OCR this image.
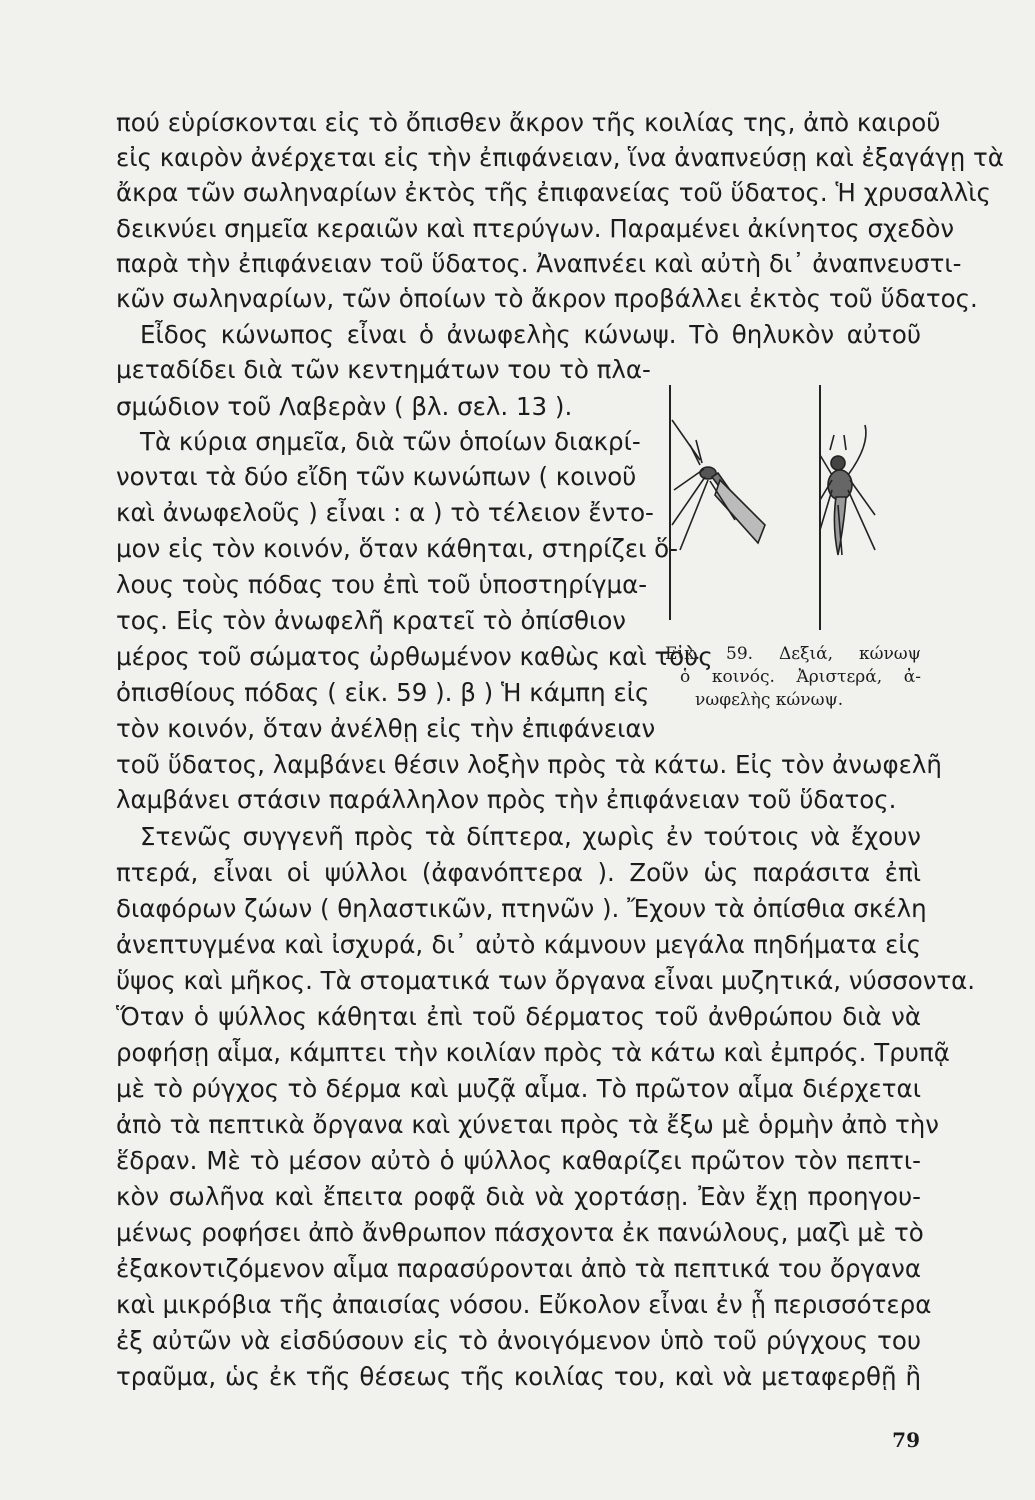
πού εὑρίσκονται εἰς τὸ ὄπισθεν ἄκρον τῆς κοιλίας της, ἀπὸ καιροῦ
εἰς καιρὸν ἀνέρχεται εἰς τὴν ἐπιφάνειαν, ἵνα ἀναπνεύσῃ καὶ ἐξαγάγῃ τὰ
ἄκρα τῶν σωληναρίων ἐκτὸς τῆς ἐπιφανείας τοῦ ὕδατος. Ἡ χρυσαλλὶς
δεικνύει σημεῖα κεραιῶν καὶ πτερύγων. Παραμένει ἀκίνητος σχεδὸν
παρὰ τὴν ἐπιφάνειαν τοῦ ὕδατος. Ἀναπνέει καὶ αὐτὴ δι᾿ ἀναπνευστι-
κῶν σωληναρίων, τῶν ὁποίων τὸ ἄκρον προβάλλει ἐκτὸς τοῦ ὕδατος.
Εἶδος κώνωπος εἶναι ὁ ἀνωφελὴς κώνωψ. Τὸ θηλυκὸν αὐτοῦ
μεταδίδει διὰ τῶν κεντημάτων του τὸ πλα-
σμώδιον τοῦ Λαβερὰν ( βλ. σελ. 13 ).
Τὰ κύρια σημεῖα, διὰ τῶν ὁποίων διακρί-
νονται τὰ δύο εἴδη τῶν κωνώπων ( κοινοῦ
καὶ ἀνωφελοῦς ) εἶναι : α ) τὸ τέλειον ἔντο-
μον εἰς τὸν κοινόν, ὅταν κάθηται, στηρίζει ὅ-
λους τοὺς πόδας του ἐπὶ τοῦ ὑποστηρίγμα-
τος. Εἰς τὸν ἀνωφελῆ κρατεῖ τὸ ὀπίσθιον
μέρος τοῦ σώματος ὠρθωμένον καθὼς καὶ τοὺς
ὀπισθίους πόδας ( εἰκ. 59 ). β ) Ἡ κάμπη εἰς
τὸν κοινόν, ὅταν ἀνέλθῃ εἰς τὴν ἐπιφάνειαν
Εἰκ. 59. Δεξιά, κώνωψ
ὁ κοινός. Ἀριστερά, ἀ-
νωφελὴς κώνωψ.
τοῦ ὕδατος, λαμβάνει θέσιν λοξὴν πρὸς τὰ κάτω. Εἰς τὸν ἀνωφελῆ
λαμβάνει στάσιν παράλληλον πρὸς τὴν ἐπιφάνειαν τοῦ ὕδατος.
Στενῶς συγγενῆ πρὸς τὰ δίπτερα, χωρὶς ἐν τούτοις νὰ ἔχουν
πτερά, εἶναι οἱ ψύλλοι (ἀφανόπτερα ). Ζοῦν ὡς παράσιτα ἐπὶ
διαφόρων ζώων ( θηλαστικῶν, πτηνῶν ). Ἔχουν τὰ ὀπίσθια σκέλη
ἀνεπτυγμένα καὶ ἰσχυρά, δι᾿ αὐτὸ κάμνουν μεγάλα πηδήματα εἰς
ὕψος καὶ μῆκος. Τὰ στοματικά των ὄργανα εἶναι μυζητικά, νύσσοντα.
Ὅταν ὁ ψύλλος κάθηται ἐπὶ τοῦ δέρματος τοῦ ἀνθρώπου διὰ νὰ
ροφήσῃ αἷμα, κάμπτει τὴν κοιλίαν πρὸς τὰ κάτω καὶ ἐμπρός. Τρυπᾷ
μὲ τὸ ρύγχος τὸ δέρμα καὶ μυζᾷ αἷμα. Τὸ πρῶτον αἷμα διέρχεται
ἀπὸ τὰ πεπτικὰ ὄργανα καὶ χύνεται πρὸς τὰ ἔξω μὲ ὁρμὴν ἀπὸ τὴν
ἕδραν. Μὲ τὸ μέσον αὐτὸ ὁ ψύλλος καθαρίζει πρῶτον τὸν πεπτι-
κὸν σωλῆνα καὶ ἔπειτα ροφᾷ διὰ νὰ χορτάσῃ. Ἐὰν ἔχῃ προηγου-
μένως ροφήσει ἀπὸ ἄνθρωπον πάσχοντα ἐκ πανώλους, μαζὶ μὲ τὸ
ἐξακοντιζόμενον αἷμα παρασύρονται ἀπὸ τὰ πεπτικά του ὄργανα
καὶ μικρόβια τῆς ἀπαισίας νόσου. Εὔκολον εἶναι ἐν ᾗ περισσότερα
ἐξ αὐτῶν νὰ εἰσδύσουν εἰς τὸ ἀνοιγόμενον ὑπὸ τοῦ ρύγχους του
τραῦμα, ὡς ἐκ τῆς θέσεως τῆς κοιλίας του, καὶ νὰ μεταφερθῇ ἢ
79
